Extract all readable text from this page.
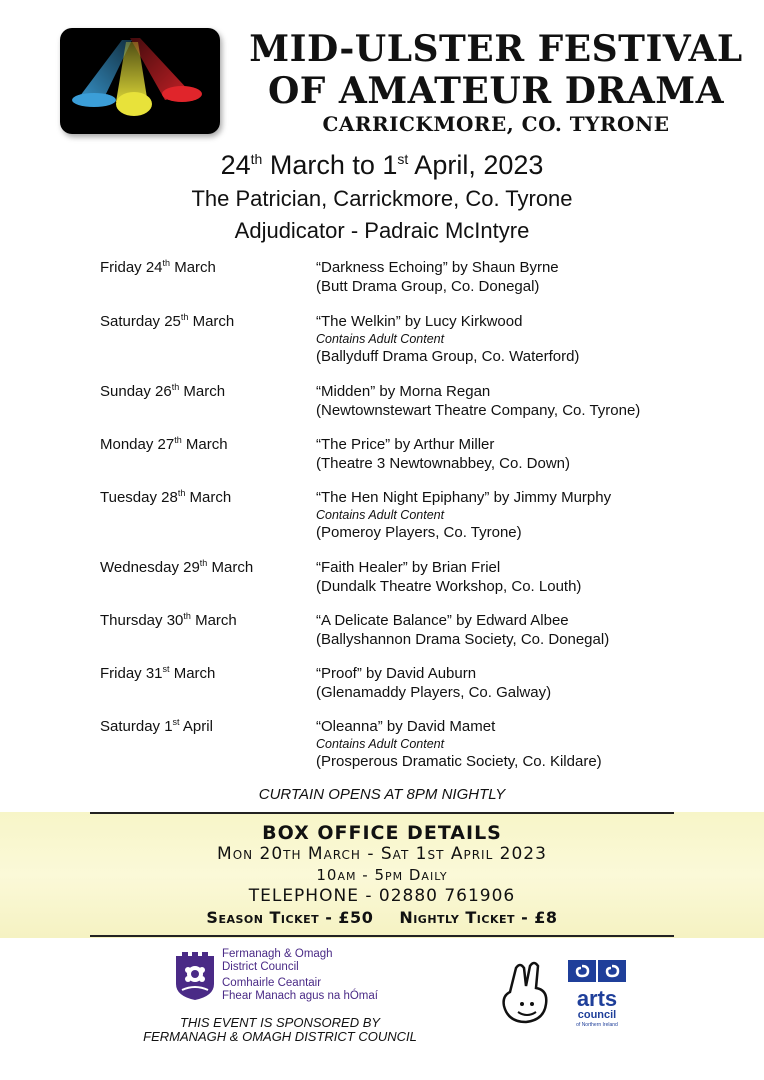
MID-ULSTER FESTIVAL
OF AMATEUR DRAMA
CARRICKMORE, CO. TYRONE
24th March to 1st April, 2023
The Patrician, Carrickmore, Co. Tyrone
Adjudicator - Padraic McIntyre
Friday 24th March	“Darkness Echoing” by Shaun Byrne
(Butt Drama Group, Co. Donegal)
Saturday 25th March	“The Welkin” by Lucy Kirkwood
Contains Adult Content
(Ballyduff Drama Group, Co. Waterford)
Sunday 26th March	“Midden” by Morna Regan
(Newtownstewart Theatre Company, Co. Tyrone)
Monday 27th March	“The Price” by Arthur Miller
(Theatre 3 Newtownabbey, Co. Down)
Tuesday 28th March	“The Hen Night Epiphany” by Jimmy Murphy
Contains Adult Content
(Pomeroy Players, Co. Tyrone)
Wednesday 29th March	“Faith Healer” by Brian Friel
(Dundalk Theatre Workshop, Co. Louth)
Thursday 30th March	“A Delicate Balance” by Edward Albee
(Ballyshannon Drama Society, Co. Donegal)
Friday 31st March	“Proof” by David Auburn
(Glenamaddy Players, Co. Galway)
Saturday 1st April	“Oleanna” by David Mamet
Contains Adult Content
(Prosperous Dramatic Society, Co. Kildare)
CURTAIN OPENS AT 8PM NIGHTLY
BOX OFFICE DETAILS
Mon 20th March - Sat 1st April 2023
10am - 5pm Daily
TELEPHONE - 02880 761906
Season Ticket - £50 Nightly Ticket - £8
Fermanagh & Omagh
District Council
Comhairle Ceantair
Fhear Manach agus na hÓmaí
THIS EVENT IS SPONSORED BY
FERMANAGH & OMAGH DISTRICT COUNCIL
arts
council
of Northern Ireland
